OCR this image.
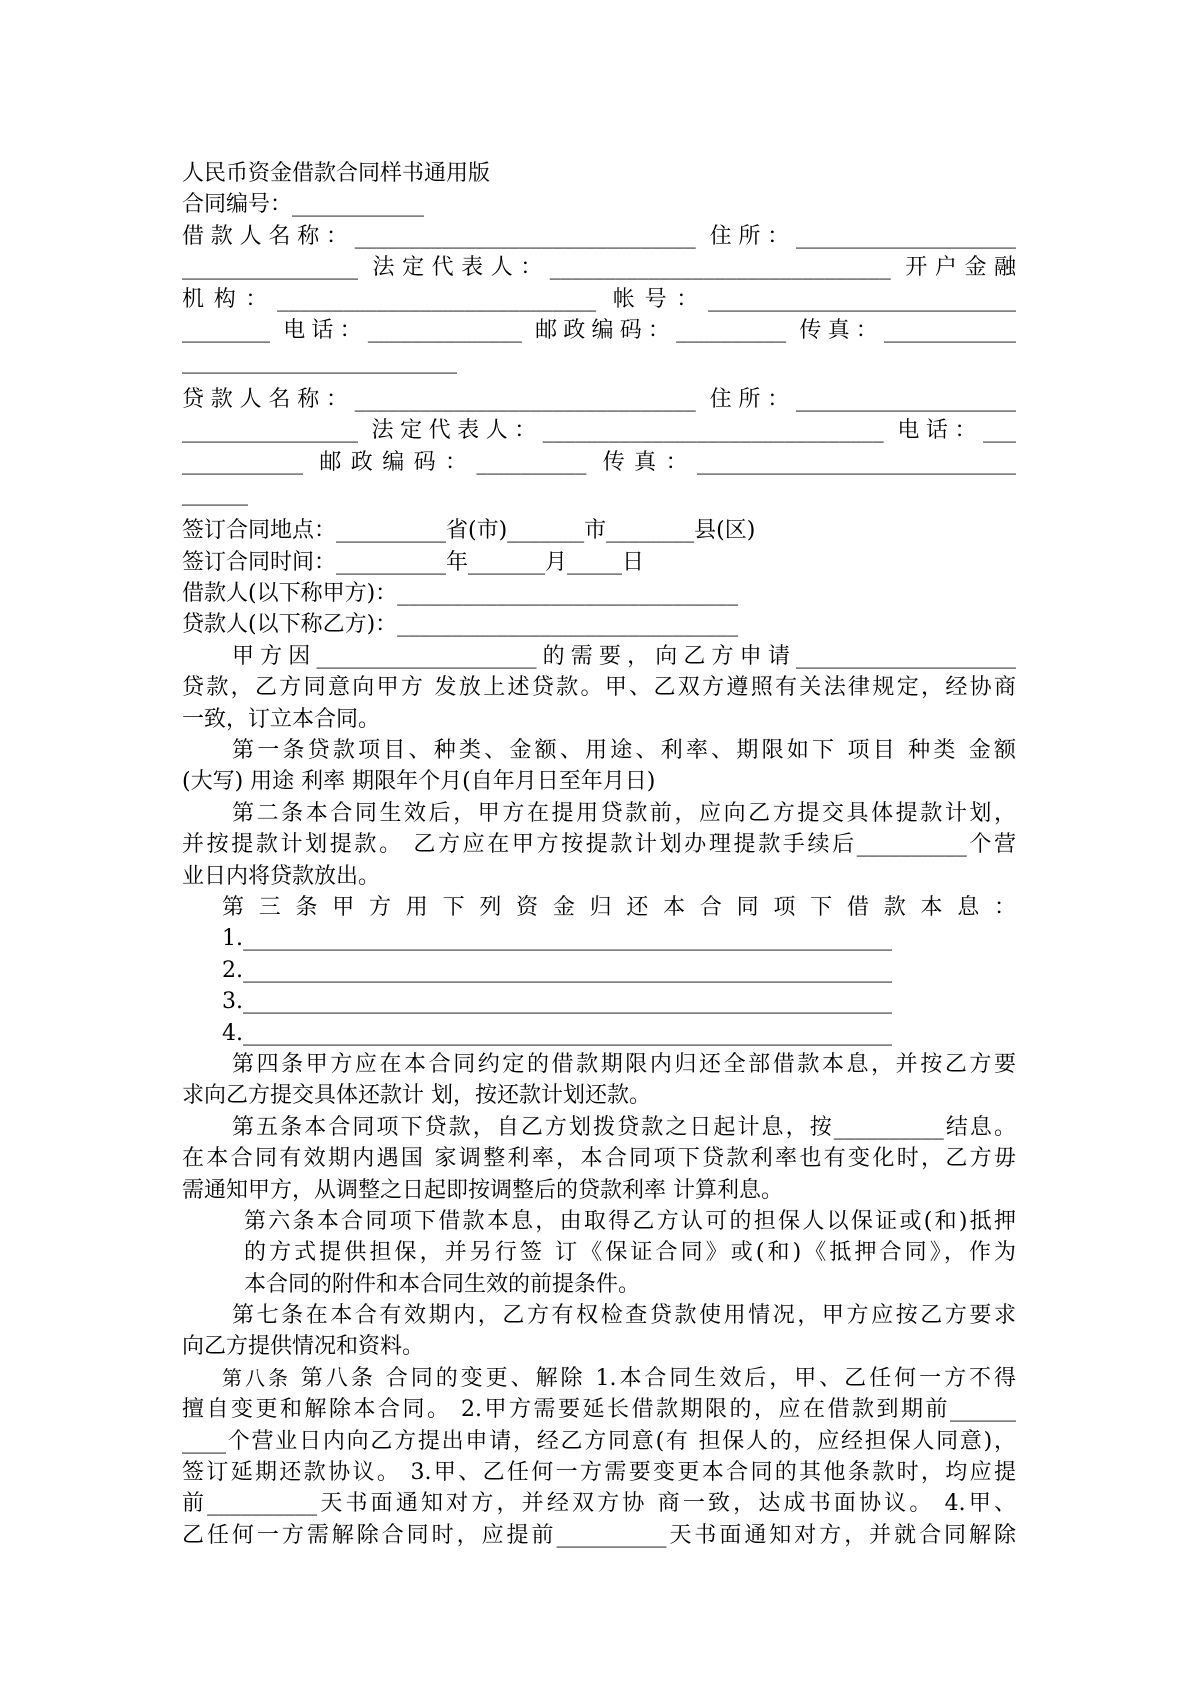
人民币资金借款合同样书通用版
合同编号：____________
借款人名称：_______________________________ 住所：____________________
________________ 法定代表人：_______________________________ 开户金融
机构：_____________________________ 帐号：____________________________
________ 电话：______________ 邮政编码：__________ 传真：____________
_________________________
贷款人名称：_______________________________ 住所：____________________
________________ 法定代表人：_______________________________ 电话：___
___________ 邮政编码：__________ 传真：_____________________________
______
签订合同地点：__________省(市)_______市________县(区)
签订合同时间：__________年_______月_____日
借款人(以下称甲方)：_______________________________
贷款人(以下称乙方)：_______________________________
甲方因____________________的需要，向乙方申请____________________
贷款，乙方同意向甲方 发放上述贷款。甲、乙双方遵照有关法律规定，经协商
一致，订立本合同。
第一条贷款项目、种类、金额、用途、利率、期限如下 项目 种类 金额
(大写) 用途 利率 期限年个月(自年月日至年月日)
第二条本合同生效后，甲方在提用贷款前，应向乙方提交具体提款计划，
并按提款计划提款。 乙方应在甲方按提款计划办理提款手续后__________个营
业日内将贷款放出。
第三条甲方用下列资金归还本合同项下借款本息：
1.___________________________________________________________
2.___________________________________________________________
3.___________________________________________________________
4.___________________________________________________________
第四条甲方应在本合同约定的借款期限内归还全部借款本息，并按乙方要
求向乙方提交具体还款计 划，按还款计划还款。
第五条本合同项下贷款，自乙方划拨贷款之日起计息，按__________结息。
在本合同有效期内遇国 家调整利率，本合同项下贷款利率也有变化时，乙方毋
需通知甲方，从调整之日起即按调整后的贷款利率 计算利息。
第六条本合同项下借款本息，由取得乙方认可的担保人以保证或(和)抵押
的方式提供担保，并另行签 订《保证合同》或(和)《抵押合同》，作为
本合同的附件和本合同生效的前提条件。
第七条在本合有效期内，乙方有权检查贷款使用情况，甲方应按乙方要求
向乙方提供情况和资料。
第八条 第八条 合同的变更、解除 1.本合同生效后，甲、乙任何一方不得
擅自变更和解除本合同。 2.甲方需要延长借款期限的，应在借款到期前______
____个营业日内向乙方提出申请，经乙方同意(有 担保人的，应经担保人同意)，
签订延期还款协议。 3.甲、乙任何一方需要变更本合同的其他条款时，均应提
前__________天书面通知对方，并经双方协 商一致，达成书面协议。 4.甲、
乙任何一方需解除合同时，应提前__________天书面通知对方，并就合同解除
